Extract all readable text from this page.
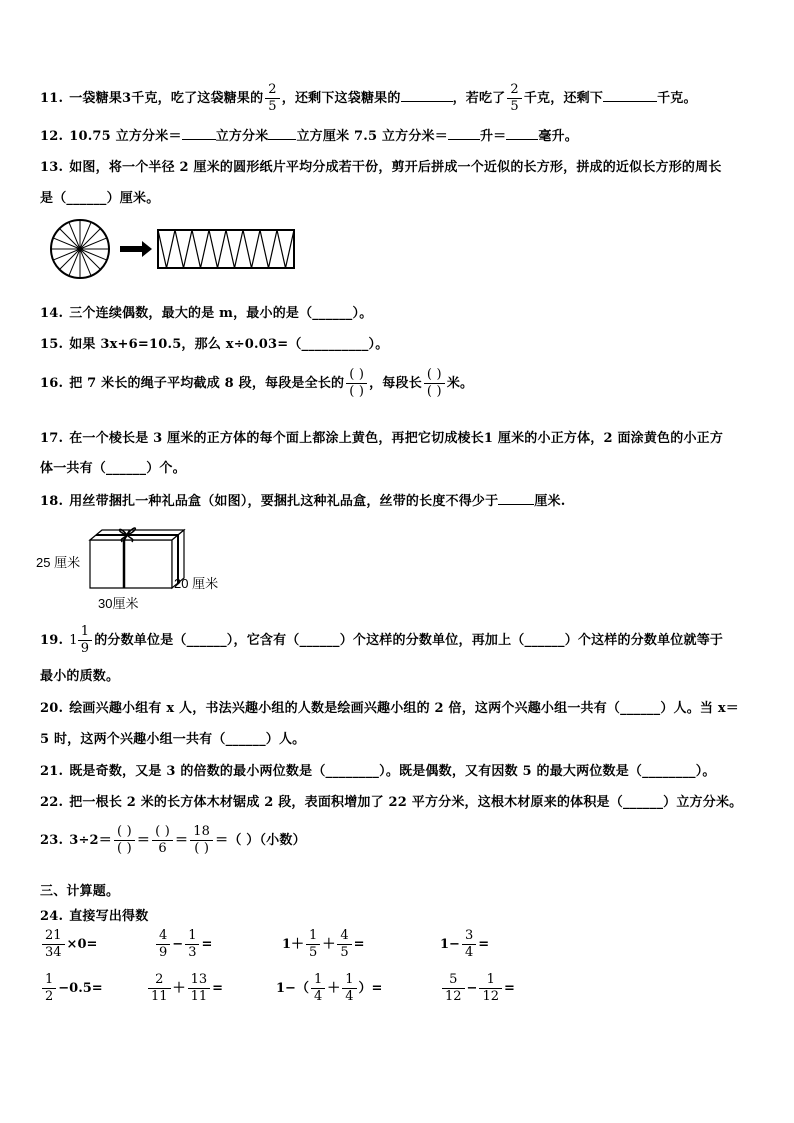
11. 一袋糖果3千克，吃了这袋糖果的 $\frac{2}{5}$ ，还剩下这袋糖果的	，若吃了 $\frac{2}{5}$ 千克，还剩下	千克。
12. 10.75 立方分米＝	立方分米 立方厘米 7.5 立方分米＝ 升＝ 毫升。
13. 如图，将一个半径 2 厘米的圆形纸片平均分成若干份，剪开后拼成一个近似的长方形，拼成的近似长方形的周长
是（______）厘米。
14. 三个连续偶数，最大的是 m，最小的是（______）。
15. 如果 3x+6=10.5，那么 x÷0.03=（__________）。
16. 把 7 米长的绳子平均截成 8 段，每段是全长的 $\frac{( )}{( )}$ ，每段长 $\frac{( )}{( )}$ 米。
17. 在一个棱长是 3 厘米的正方体的每个面上都涂上黄色，再把它切成棱长1 厘米的小正方体，2 面涂黄色的小正方
体一共有（______）个。
18. 用丝带捆扎一种礼品盒（如图），要捆扎这种礼品盒，丝带的长度不得少于	厘米.
25 厘米
20 厘米
30厘米
19. $1 \frac{1}{9}$ 的分数单位是（______），它含有（______）个这样的分数单位，再加上（______）个这样的分数单位就等于
最小的质数。
20. 绘画兴趣小组有 x 人，书法兴趣小组的人数是绘画兴趣小组的 2 倍，这两个兴趣小组一共有（______）人。当 x＝
5 时，这两个兴趣小组一共有（______）人。
21. 既是奇数，又是 3 的倍数的最小两位数是（________）。既是偶数，又有因数 5 的最大两位数是（________）。
22. 把一根长 2 米的长方体木材锯成 2 段，表面积增加了 22 平方分米，这根木材原来的体积是（______）立方分米。
23. $3\div 2= \frac{( )}{( )} = \frac{( )}{6} = \frac{18}{( )}$ ＝（ ）（小数）
三、计算题。
24. 直接写出得数
$\frac{21}{34} \times 0=$	$\frac{4}{9} - \frac{1}{3}$ =	$1+ \frac{1}{5} + \frac{4}{5}$ =	$1- \frac{3}{4}$ =
$\frac{1}{2} -0.5=$	$\frac{2}{11} + \frac{13}{11}$ =	$1-( \frac{1}{4} + \frac{1}{4}$ ）=	$\frac{5}{12} - \frac{1}{12}$ =
